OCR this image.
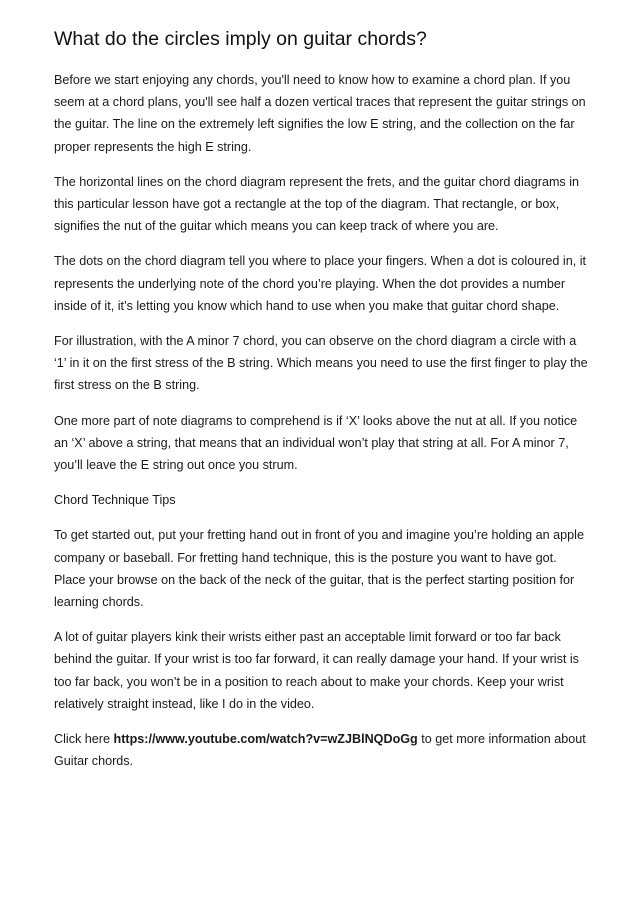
What do the circles imply on guitar chords?

Before we start enjoying any chords, you'll need to know how to examine a chord plan. If you seem at a chord plans, you'll see half a dozen vertical traces that represent the guitar strings on the guitar. The line on the extremely left signifies the low E string, and the collection on the far proper represents the high E string.

The horizontal lines on the chord diagram represent the frets, and the guitar chord diagrams in this particular lesson have got a rectangle at the top of the diagram. That rectangle, or box, signifies the nut of the guitar which means you can keep track of where you are.

The dots on the chord diagram tell you where to place your fingers. When a dot is coloured in, it represents the underlying note of the chord you’re playing. When the dot provides a number inside of it, it’s letting you know which hand to use when you make that guitar chord shape.

For illustration, with the A minor 7 chord, you can observe on the chord diagram a circle with a ‘1’ in it on the first stress of the B string. Which means you need to use the first finger to play the first stress on the B string.

One more part of note diagrams to comprehend is if ‘X’ looks above the nut at all. If you notice an ‘X’ above a string, that means that an individual won’t play that string at all. For A minor 7, you’ll leave the E string out once you strum.

Chord Technique Tips

To get started out, put your fretting hand out in front of you and imagine you’re holding an apple company or baseball. For fretting hand technique, this is the posture you want to have got. Place your browse on the back of the neck of the guitar, that is the perfect starting position for learning chords.

A lot of guitar players kink their wrists either past an acceptable limit forward or too far back behind the guitar. If your wrist is too far forward, it can really damage your hand. If your wrist is too far back, you won’t be in a position to reach about to make your chords. Keep your wrist relatively straight instead, like I do in the video.

Click here https://www.youtube.com/watch?v=wZJBlNQDoGg to get more information about Guitar chords.
